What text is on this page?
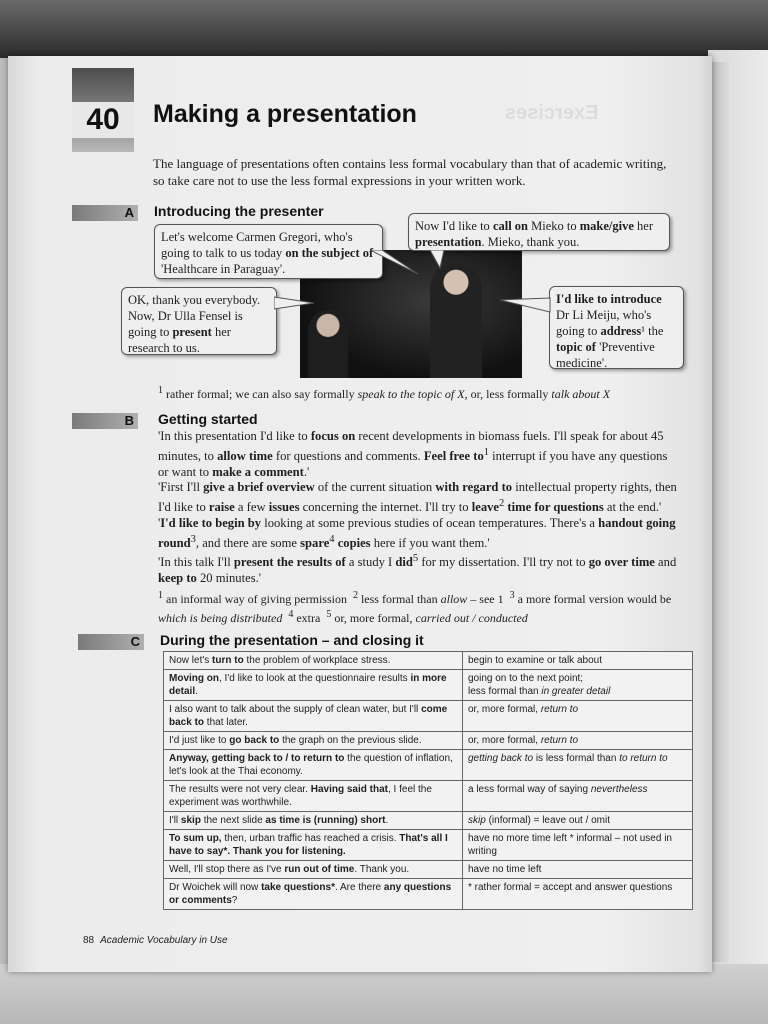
Exercises
40	Making a presentation
The language of presentations often contains less formal vocabulary than that of academic writing, so take care not to use the less formal expressions in your written work.
A Introducing the presenter
Let's welcome Carmen Gregori, who's going to talk to us today on the subject of 'Healthcare in Paraguay'.
Now I'd like to call on Mieko to make/give her presentation. Mieko, thank you.
OK, thank you everybody. Now, Dr Ulla Fensel is going to present her research to us.
I'd like to introduce Dr Li Meiju, who's going to address¹ the topic of 'Preventive medicine'.
$^1$ rather formal; we can also say formally speak to the topic of X, or, less formally talk about X
B Getting started

'In this presentation I'd like to focus on recent developments in biomass fuels. I'll speak for about 45 minutes, to allow time for questions and comments. Feel free $to^1$ interrupt if you have any questions or want to make a comment.'

'First I'll give a brief overview of the current situation with regard to intellectual property rights, then I'd like to raise a few issues concerning the internet. I'll try to leave$^2$ time for questions at the end.'

'I'd like to begin by looking at some previous studies of ocean temperatures. There's a handout going round$^3$, and there are some spare$^4$ copies here if you want them.'

'In this talk I'll present the results of a study I did$^5$ for my dissertation. I'll try not to go over time and keep to 20 minutes.'

$^1$ an informal way of giving permission  $^2$ less formal than allow – see 1  $^3$ a more formal version would be which is being distributed $^4$ extra  $^5$ or, more formal, carried out / conducted
C During the presentation – and closing it
Now let's turn to the problem of workplace stress.	begin to examine or talk about
Moving on, I'd like to look at the questionnaire results in more detail.	going on to the next point;
less formal than in greater detail
I also want to talk about the supply of clean water, but I'll come back to that later.	or, more formal, return to
I'd just like to go back to the graph on the previous slide.	or, more formal, return to
Anyway, getting back to / to return to the question of inflation, let's look at the Thai economy.	getting back to is less formal than to return to
The results were not very clear. Having said that, I feel the experiment was worthwhile.	a less formal way of saying nevertheless
I'll skip the next slide as time is (running) short.	skip (informal) = leave out / omit
To sum up, then, urban traffic has reached a crisis. That's all I have to say*. Thank you for listening.	have no more time left * informal – not used in writing
Well, I'll stop there as I've run out of time. Thank you.	have no time left
Dr Woichek will now take questions*. Are there any questions or comments?	* rather formal = accept and answer questions
88 Academic Vocabulary in Use
